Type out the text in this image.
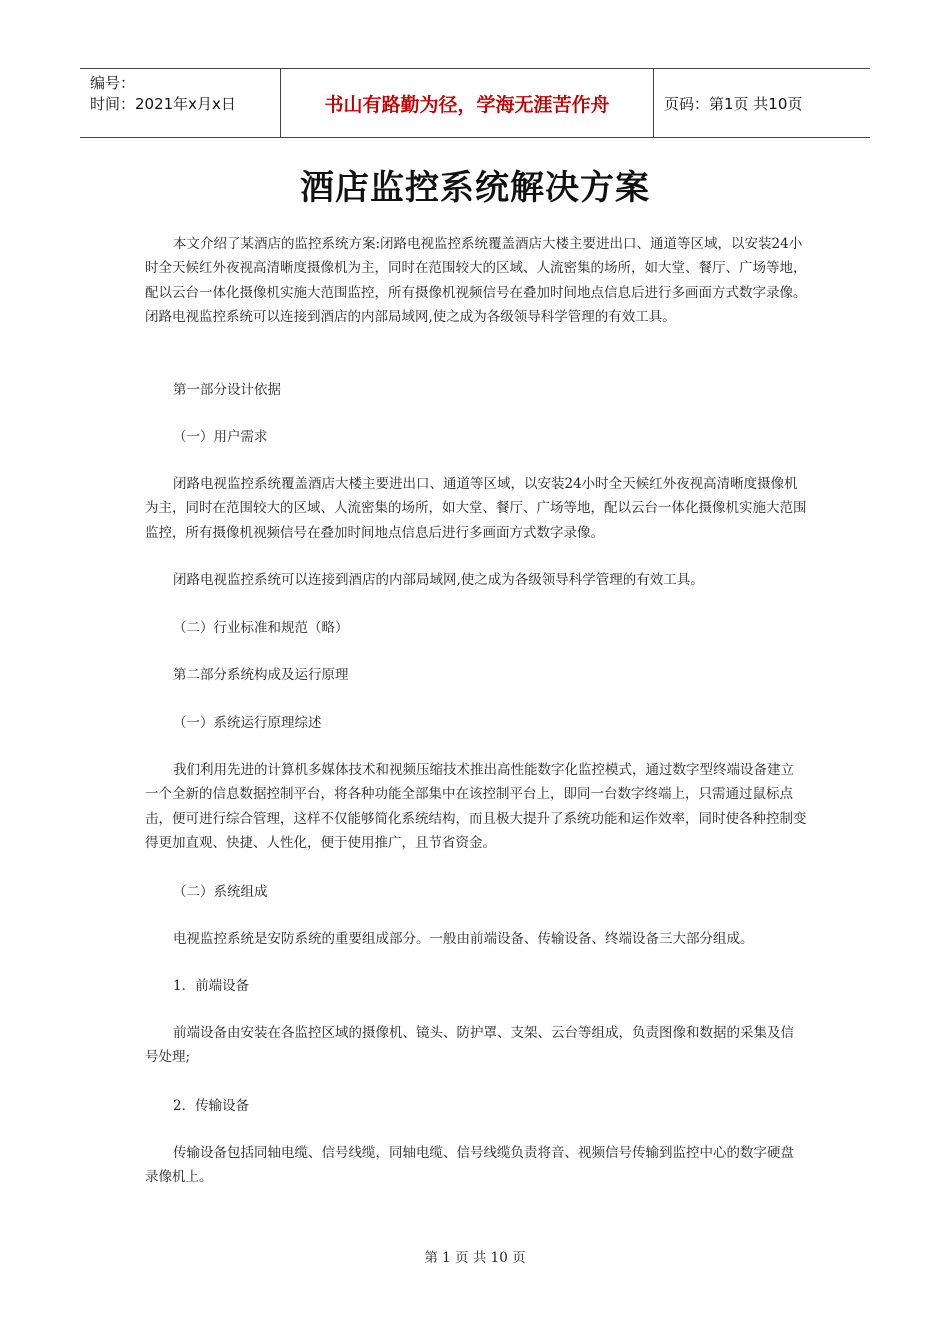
编号：
时间：2021年x月x日	书山有路勤为径，学海无涯苦作舟	页码：第1页 共10页
酒店监控系统解决方案

本文介绍了某酒店的监控系统方案:闭路电视监控系统覆盖酒店大楼主要进出口、通道等区域，以安装24小时全天候红外夜视高清晰度摄像机为主，同时在范围较大的区域、人流密集的场所，如大堂、餐厅、广场等地，配以云台一体化摄像机实施大范围监控，所有摄像机视频信号在叠加时间地点信息后进行多画面方式数字录像。闭路电视监控系统可以连接到酒店的内部局域网,使之成为各级领导科学管理的有效工具。

第一部分设计依据

（一）用户需求

闭路电视监控系统覆盖酒店大楼主要进出口、通道等区域，以安装24小时全天候红外夜视高清晰度摄像机为主，同时在范围较大的区域、人流密集的场所，如大堂、餐厅、广场等地，配以云台一体化摄像机实施大范围监控，所有摄像机视频信号在叠加时间地点信息后进行多画面方式数字录像。

闭路电视监控系统可以连接到酒店的内部局域网,使之成为各级领导科学管理的有效工具。

（二）行业标准和规范（略）

第二部分系统构成及运行原理

（一）系统运行原理综述

我们利用先进的计算机多媒体技术和视频压缩技术推出高性能数字化监控模式，通过数字型终端设备建立一个全新的信息数据控制平台，将各种功能全部集中在该控制平台上，即同一台数字终端上，只需通过鼠标点击，便可进行综合管理，这样不仅能够简化系统结构，而且极大提升了系统功能和运作效率，同时使各种控制变得更加直观、快捷、人性化，便于使用推广，且节省资金。

（二）系统组成

电视监控系统是安防系统的重要组成部分。一般由前端设备、传输设备、终端设备三大部分组成。

1．前端设备

前端设备由安装在各监控区域的摄像机、镜头、防护罩、支架、云台等组成，负责图像和数据的采集及信号处理;

2．传输设备

传输设备包括同轴电缆、信号线缆，同轴电缆、信号线缆负责将音、视频信号传输到监控中心的数字硬盘录像机上。

第 1 页 共 10 页
